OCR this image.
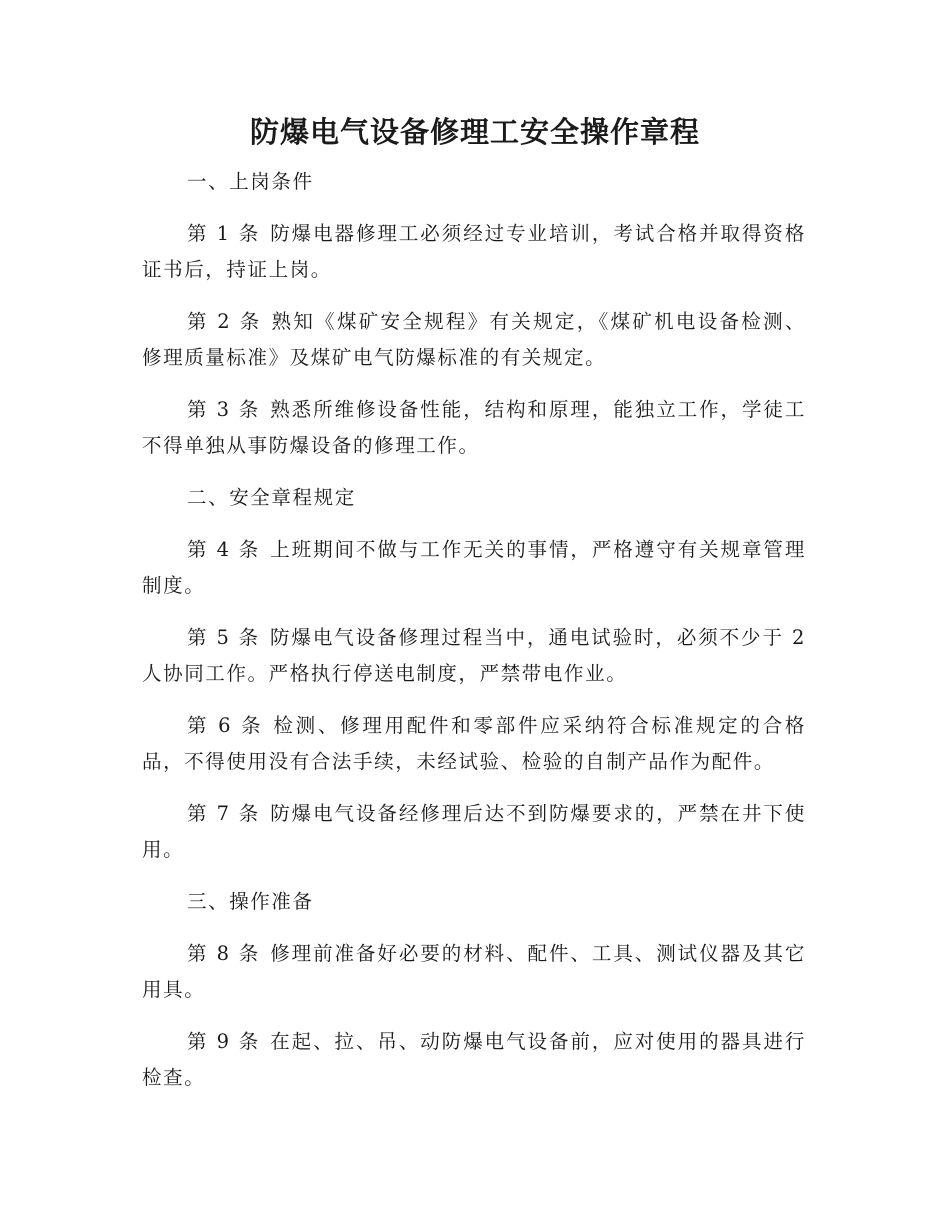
防爆电气设备修理工安全操作章程

一、上岗条件

第 1 条 防爆电器修理工必须经过专业培训，考试合格并取得资格证书后，持证上岗。

第 2 条 熟知《煤矿安全规程》有关规定，《煤矿机电设备检测、修理质量标准》及煤矿电气防爆标准的有关规定。

第 3 条 熟悉所维修设备性能，结构和原理，能独立工作，学徒工不得单独从事防爆设备的修理工作。

二、安全章程规定

第 4 条 上班期间不做与工作无关的事情，严格遵守有关规章管理制度。

第 5 条 防爆电气设备修理过程当中，通电试验时，必须不少于 2 人协同工作。严格执行停送电制度，严禁带电作业。

第 6 条 检测、修理用配件和零部件应采纳符合标准规定的合格品，不得使用没有合法手续，未经试验、检验的自制产品作为配件。

第 7 条 防爆电气设备经修理后达不到防爆要求的，严禁在井下使用。

三、操作准备

第 8 条 修理前准备好必要的材料、配件、工具、测试仪器及其它用具。

第 9 条 在起、拉、吊、动防爆电气设备前，应对使用的器具进行检查。
